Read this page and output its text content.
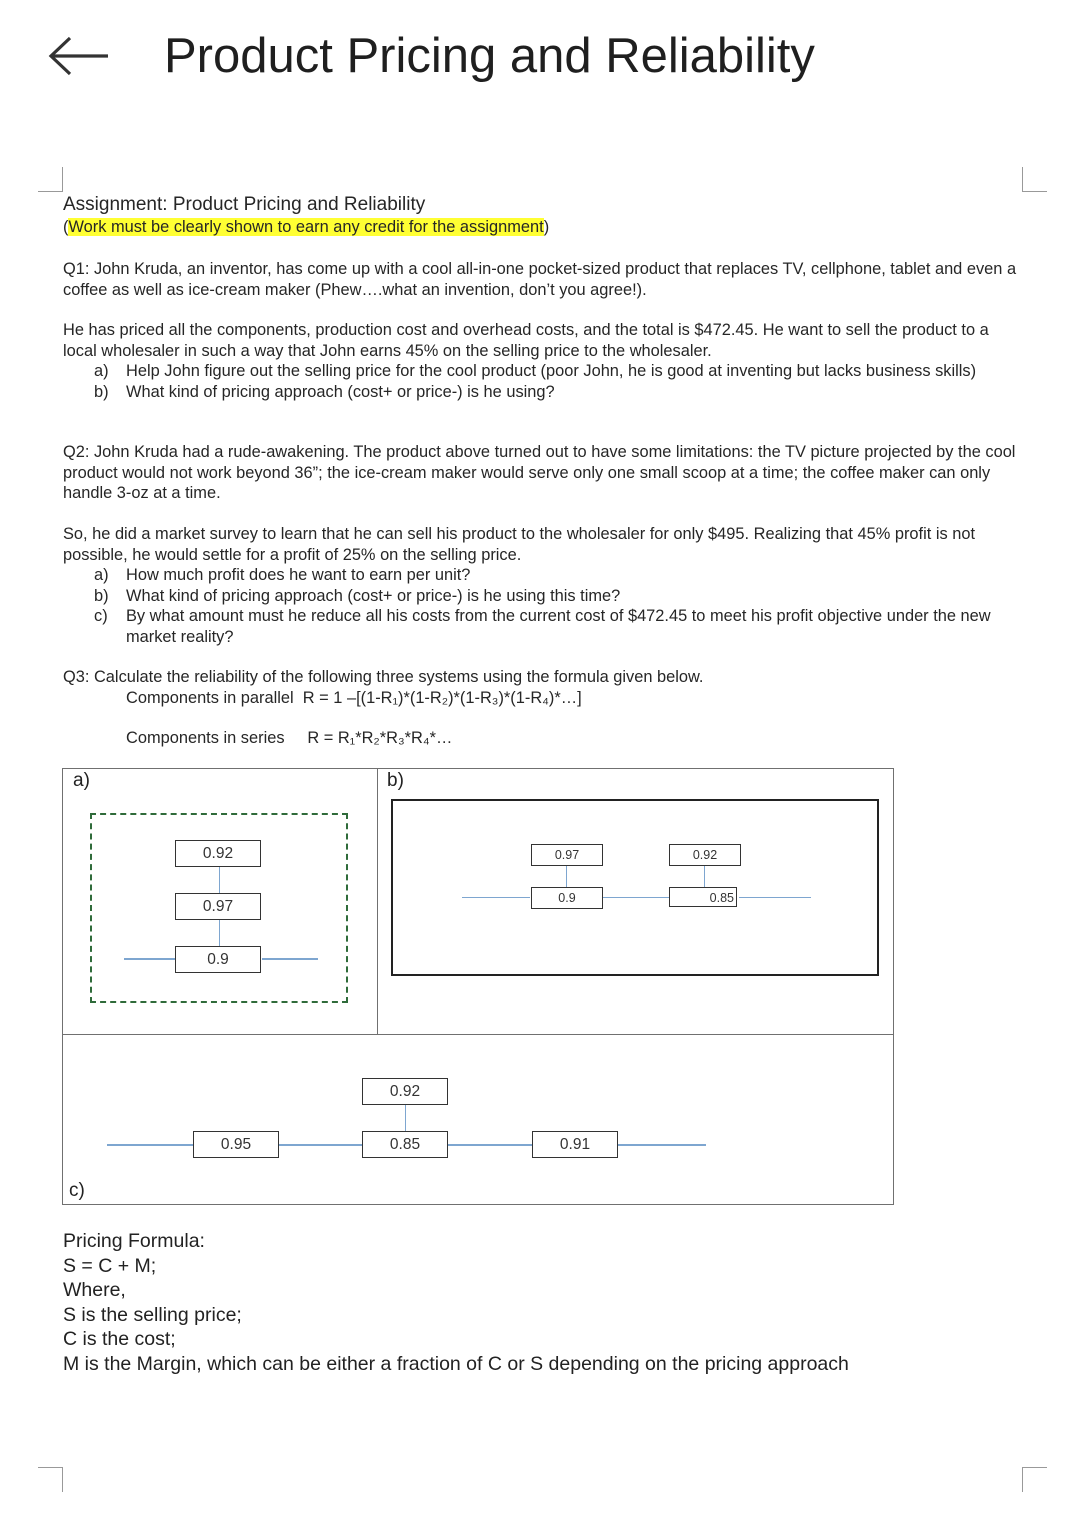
Product Pricing and Reliability
Assignment: Product Pricing and Reliability
(Work must be clearly shown to earn any credit for the assignment)

Q1: John Kruda, an inventor, has come up with a cool all-in-one pocket-sized product that replaces TV, cellphone, tablet and even a coffee as well as ice-cream maker (Phew….what an invention, don’t you agree!).

He has priced all the components, production cost and overhead costs, and the total is $472.45. He want to sell the product to a local wholesaler in such a way that John earns 45% on the selling price to the wholesaler.

a) Help John figure out the selling price for the cool product (poor John, he is good at inventing but lacks business skills)
b) What kind of pricing approach (cost+ or price-) is he using?

Q2: John Kruda had a rude-awakening. The product above turned out to have some limitations: the TV picture projected by the cool product would not work beyond 36”; the ice-cream maker would serve only one small scoop at a time; the coffee maker can only handle 3-oz at a time.

So, he did a market survey to learn that he can sell his product to the wholesaler for only $495. Realizing that 45% profit is not possible, he would settle for a profit of 25% on the selling price.

a) How much profit does he want to earn per unit?
b) What kind of pricing approach (cost+ or price-) is he using this time?
c) By what amount must he reduce all his costs from the current cost of $472.45 to meet his profit objective under the new market reality?

Q3: Calculate the reliability of the following three systems using the formula given below.

Components in parallel R = 1 –[(1-R₁)*(1-R₂)*(1-R₃)*(1-R₄)*…]

Components in series R = R₁*R₂*R₃*R₄*…
a)	b)
c)
0.92
0.97
0.9
0.97	0.92
0.9	0.85
0.92
0.95	0.85	0.91

Pricing Formula:

S = C + M;

Where,

S is the selling price;

C is the cost;

M is the Margin, which can be either a fraction of C or S depending on the pricing approach
